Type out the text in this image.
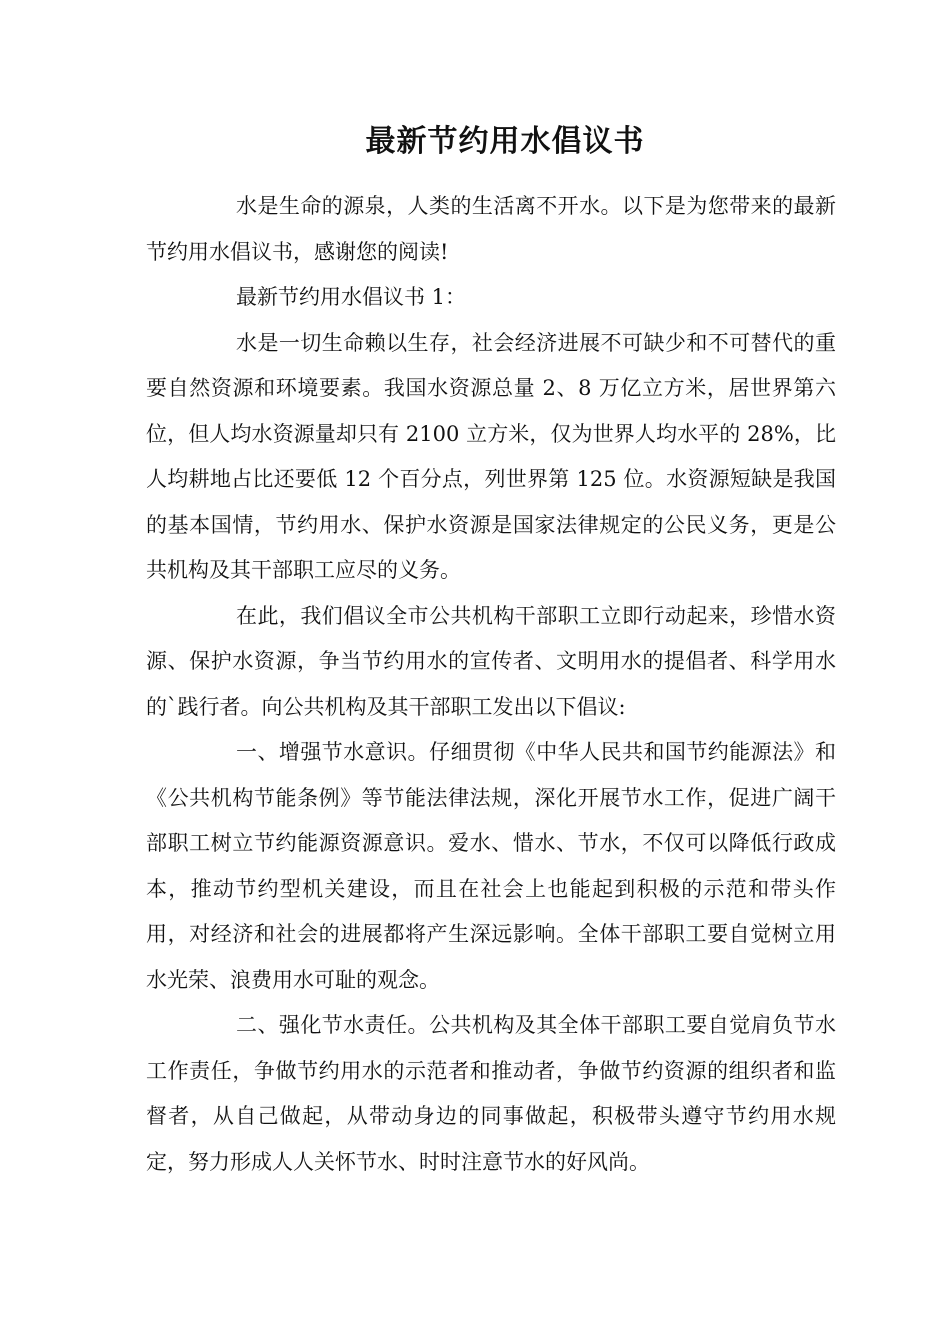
最新节约用水倡议书

水是生命的源泉，人类的生活离不开水。以下是为您带来的最新节约用水倡议书，感谢您的阅读!

最新节约用水倡议书 1：

水是一切生命赖以生存，社会经济进展不可缺少和不可替代的重要自然资源和环境要素。我国水资源总量 2、8 万亿立方米，居世界第六位，但人均水资源量却只有 2100 立方米，仅为世界人均水平的 28%，比人均耕地占比还要低 12 个百分点，列世界第 125 位。水资源短缺是我国的基本国情，节约用水、保护水资源是国家法律规定的公民义务，更是公共机构及其干部职工应尽的义务。

在此，我们倡议全市公共机构干部职工立即行动起来，珍惜水资源、保护水资源，争当节约用水的宣传者、文明用水的提倡者、科学用水的`践行者。向公共机构及其干部职工发出以下倡议:

一、增强节水意识。仔细贯彻《中华人民共和国节约能源法》和《公共机构节能条例》等节能法律法规，深化开展节水工作，促进广阔干部职工树立节约能源资源意识。爱水、惜水、节水，不仅可以降低行政成本，推动节约型机关建设，而且在社会上也能起到积极的示范和带头作用，对经济和社会的进展都将产生深远影响。全体干部职工要自觉树立用水光荣、浪费用水可耻的观念。

二、强化节水责任。公共机构及其全体干部职工要自觉肩负节水工作责任，争做节约用水的示范者和推动者，争做节约资源的组织者和监督者，从自己做起，从带动身边的同事做起，积极带头遵守节约用水规定，努力形成人人关怀节水、时时注意节水的好风尚。
